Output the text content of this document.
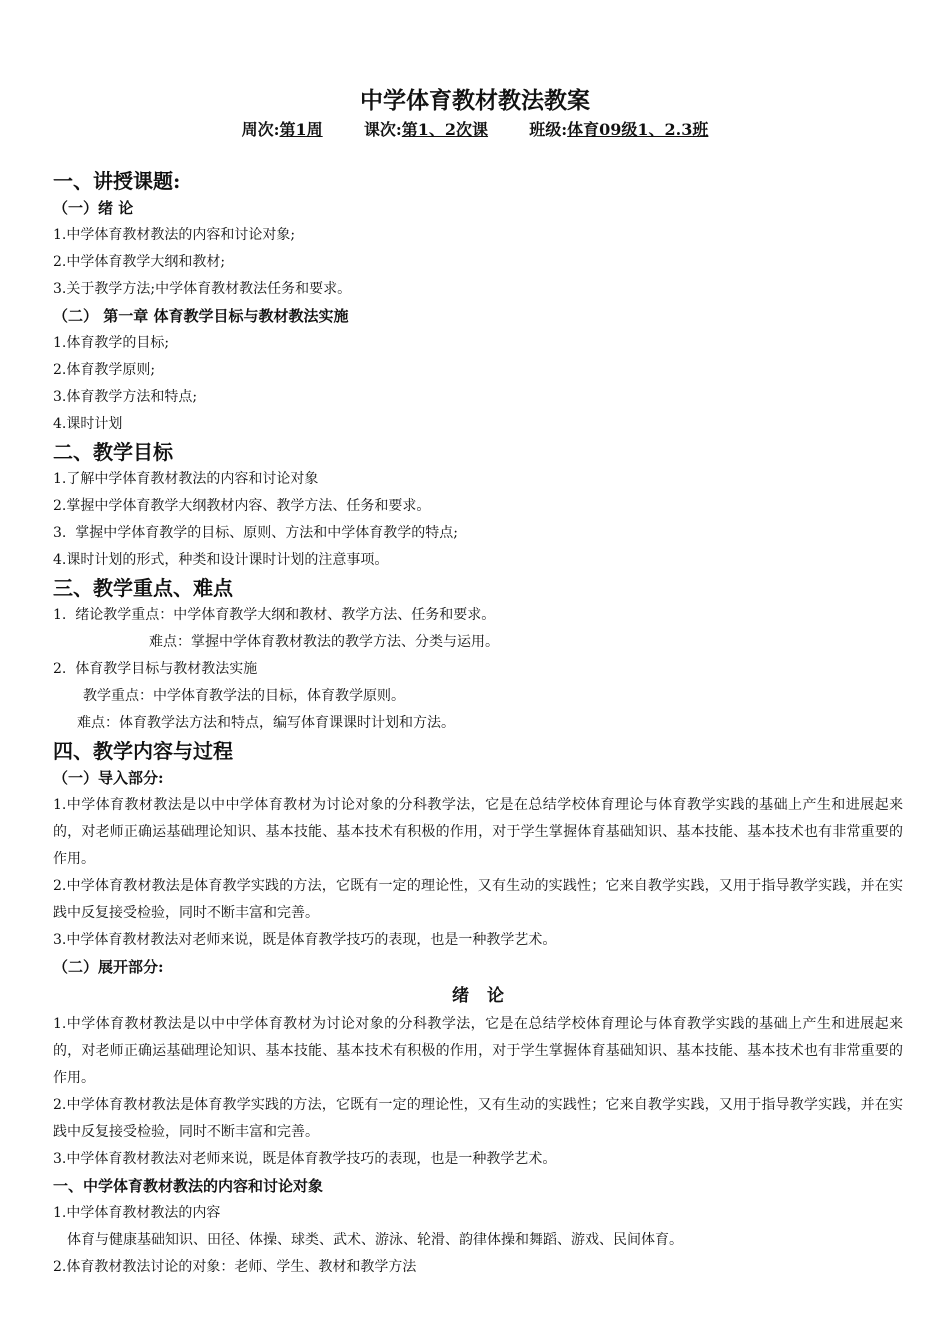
中学体育教材教法教案
周次:第1周	课次:第1、2次课	班级:体育09级1、2.3班

一、讲授课题:

（一）绪 论

1.中学体育教材教法的内容和讨论对象;

2.中学体育教学大纲和教材;

3.关于教学方法;中学体育教材教法任务和要求。

（二） 第一章 体育教学目标与教材教法实施

1.体育教学的目标;

2.体育教学原则;

3.体育教学方法和特点;

4.课时计划

二、教学目标

1.了解中学体育教材教法的内容和讨论对象

2.掌握中学体育教学大纲教材内容、教学方法、任务和要求。

3.  掌握中学体育教学的目标、原则、方法和中学体育教学的特点;

4.课时计划的形式，种类和设计课时计划的注意事项。

三、教学重点、难点

1.  绪论教学重点：中学体育教学大纲和教材、教学方法、任务和要求。

难点：掌握中学体育教材教法的教学方法、分类与运用。

2.  体育教学目标与教材教法实施

教学重点：中学体育教学法的目标，体育教学原则。

难点：体育教学法方法和特点，编写体育课课时计划和方法。

四、教学内容与过程

（一）导入部分:

1.中学体育教材教法是以中中学体育教材为讨论对象的分科教学法，它是在总结学校体育理论与体育教学实践的基础上产生和进展起来的，对老师正确运基础理论知识、基本技能、基本技术有积极的作用，对于学生掌握体育基础知识、基本技能、基本技术也有非常重要的作用。

2.中学体育教材教法是体育教学实践的方法，它既有一定的理论性，又有生动的实践性；它来自教学实践，又用于指导教学实践，并在实践中反复接受检验，同时不断丰富和完善。

3.中学体育教材教法对老师来说，既是体育教学技巧的表现，也是一种教学艺术。

（二）展开部分:

绪论

1.中学体育教材教法是以中中学体育教材为讨论对象的分科教学法，它是在总结学校体育理论与体育教学实践的基础上产生和进展起来的，对老师正确运基础理论知识、基本技能、基本技术有积极的作用，对于学生掌握体育基础知识、基本技能、基本技术也有非常重要的作用。

2.中学体育教材教法是体育教学实践的方法，它既有一定的理论性，又有生动的实践性；它来自教学实践，又用于指导教学实践，并在实践中反复接受检验，同时不断丰富和完善。

3.中学体育教材教法对老师来说，既是体育教学技巧的表现，也是一种教学艺术。

一、中学体育教材教法的内容和讨论对象

1.中学体育教材教法的内容

体育与健康基础知识、田径、体操、球类、武术、游泳、轮滑、韵律体操和舞蹈、游戏、民间体育。

2.体育教材教法讨论的对象：老师、学生、教材和教学方法
